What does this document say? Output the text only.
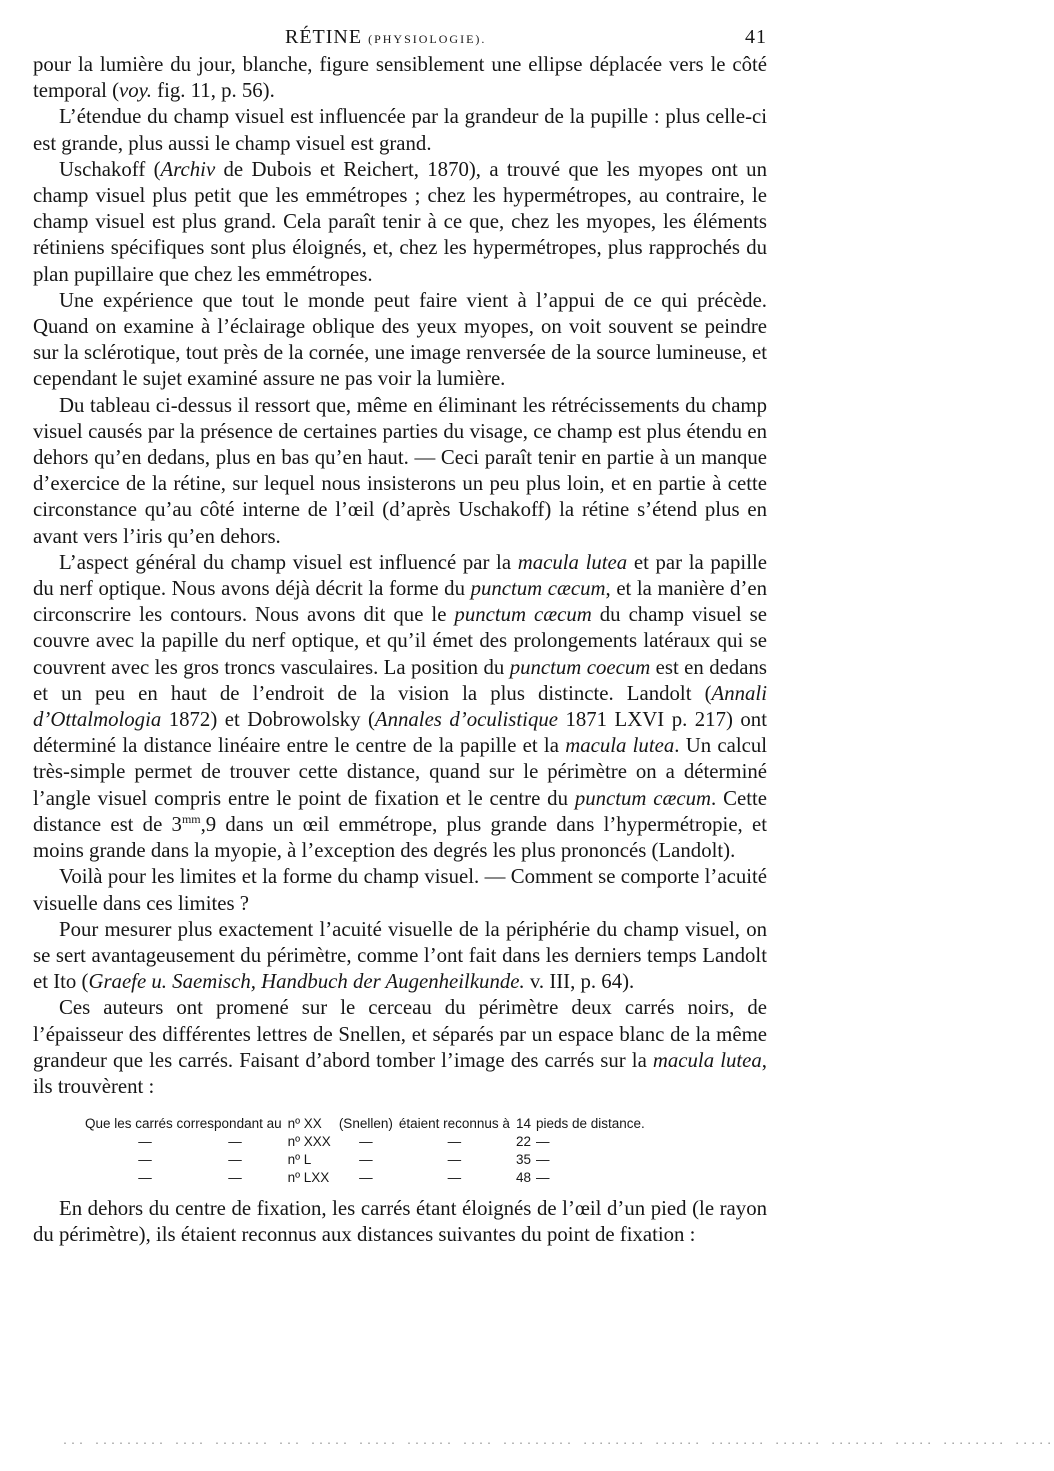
RÉTINE (PHYSIOLOGIE).	41

pour la lumière du jour, blanche, figure sensiblement une ellipse déplacée vers le côté temporal (voy. fig. 11, p. 56).

L’étendue du champ visuel est influencée par la grandeur de la pupille : plus celle-ci est grande, plus aussi le champ visuel est grand.

Uschakoff (Archiv de Dubois et Reichert, 1870), a trouvé que les myopes ont un champ visuel plus petit que les emmétropes ; chez les hypermétropes, au contraire, le champ visuel est plus grand. Cela paraît tenir à ce que, chez les myopes, les éléments rétiniens spécifiques sont plus éloignés, et, chez les hypermétropes, plus rapprochés du plan pupillaire que chez les emmétropes.

Une expérience que tout le monde peut faire vient à l’appui de ce qui précède. Quand on examine à l’éclairage oblique des yeux myopes, on voit souvent se peindre sur la sclérotique, tout près de la cornée, une image renversée de la source lumineuse, et cependant le sujet examiné assure ne pas voir la lumière.

Du tableau ci-dessus il ressort que, même en éliminant les rétrécissements du champ visuel causés par la présence de certaines parties du visage, ce champ est plus étendu en dehors qu’en dedans, plus en bas qu’en haut. — Ceci paraît tenir en partie à un manque d’exercice de la rétine, sur lequel nous insisterons un peu plus loin, et en partie à cette circonstance qu’au côté interne de l’œil (d’après Uschakoff) la rétine s’étend plus en avant vers l’iris qu’en dehors.

L’aspect général du champ visuel est influencé par la macula lutea et par la papille du nerf optique. Nous avons déjà décrit la forme du punctum cæcum, et la manière d’en circonscrire les contours. Nous avons dit que le punctum cæcum du champ visuel se couvre avec la papille du nerf optique, et qu’il émet des prolongements latéraux qui se couvrent avec les gros troncs vasculaires. La position du punctum coecum est en dedans et un peu en haut de l’endroit de la vision la plus distincte. Landolt (Annali d’Ottalmologia 1872) et Dobrowolsky (Annales d’oculistique 1871 LXVI p. 217) ont déterminé la distance linéaire entre le centre de la papille et la macula lutea. Un calcul très-simple permet de trouver cette distance, quand sur le périmètre on a déterminé l’angle visuel compris entre le point de fixation et le centre du punctum cæcum. Cette distance est de $3^{mm},9$ dans un œil emmétrope, plus grande dans l’hypermétropie, et moins grande dans la myopie, à l’exception des degrés les plus prononcés (Landolt).

Voilà pour les limites et la forme du champ visuel. — Comment se comporte l’acuité visuelle dans ces limites ?

Pour mesurer plus exactement l’acuité visuelle de la périphérie du champ visuel, on se sert avantageusement du périmètre, comme l’ont fait dans les derniers temps Landolt et Ito (Graefe u. Saemisch, Handbuch der Augenheilkunde. v. III, p. 64).

Ces auteurs ont promené sur le cerceau du périmètre deux carrés noirs, de l’épaisseur des différentes lettres de Snellen, et séparés par un espace blanc de la même grandeur que les carrés. Faisant d’abord tomber l’image des carrés sur la macula lutea, ils trouvèrent :

Que les carrés correspondant au		nº XX		(Snellen)		étaient reconnus à		14		pieds de distance.
— —		nº XXX		—		—		22		—
— —		nº L		—		—		35		—
— —		nº LXX		—		—		48		—

En dehors du centre de fixation, les carrés étant éloignés de l’œil d’un pied (le rayon du périmètre), ils étaient reconnus aux distances suivantes du point de fixation :

... ......... .... ....... ... ..... ..... ...... .... ......... ........ ...... ....... ...... ....... ..... ........ .....
